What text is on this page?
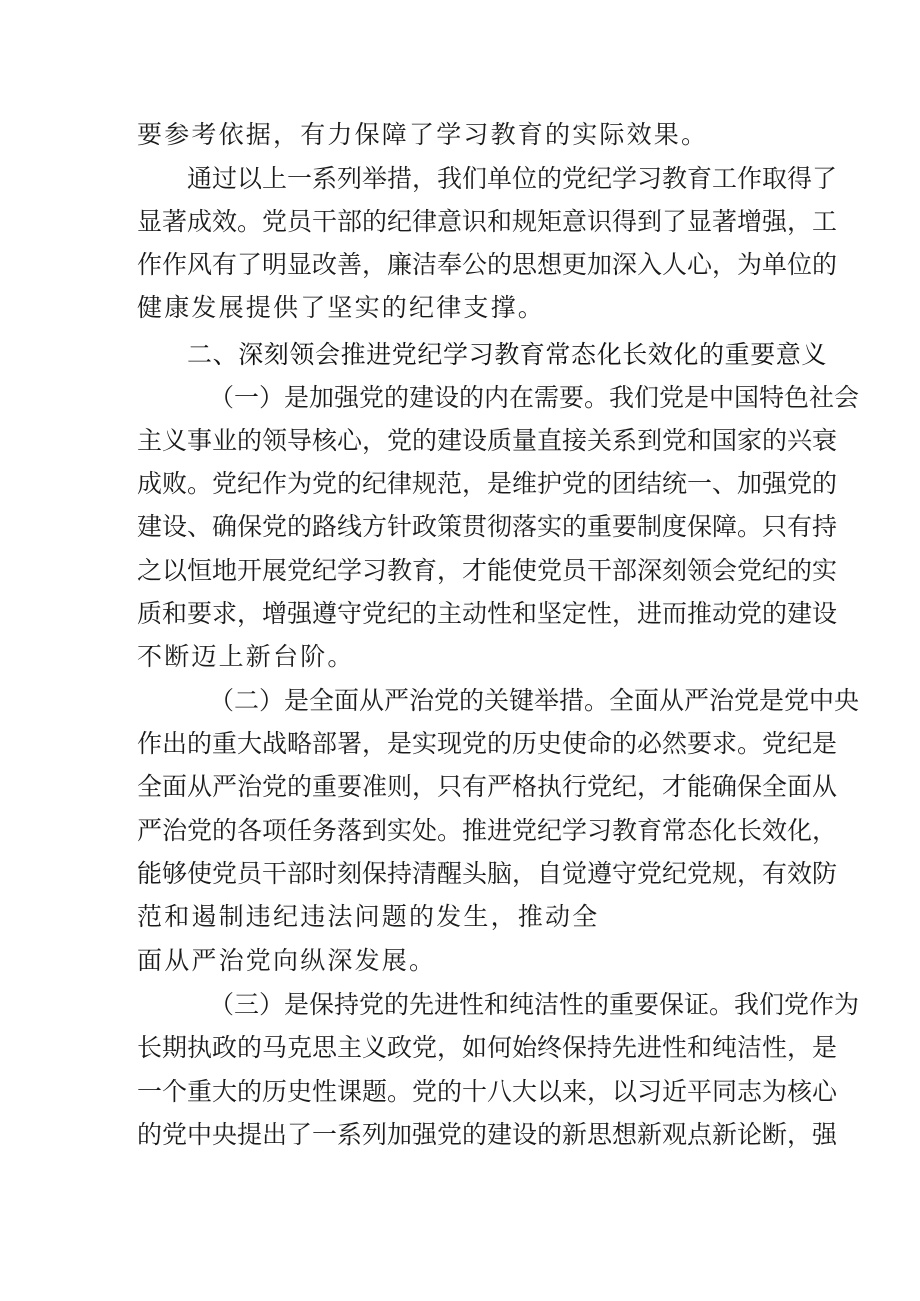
要参考依据，有力保障了学习教育的实际效果。
通过以上一系列举措，我们单位的党纪学习教育工作取得了
显著成效。党员干部的纪律意识和规矩意识得到了显著增强，工
作作风有了明显改善，廉洁奉公的思想更加深入人心，为单位的
健康发展提供了坚实的纪律支撑。
二、深刻领会推进党纪学习教育常态化长效化的重要意义
（一）是加强党的建设的内在需要。我们党是中国特色社会
主义事业的领导核心，党的建设质量直接关系到党和国家的兴衰
成败。党纪作为党的纪律规范，是维护党的团结统一、加强党的
建设、确保党的路线方针政策贯彻落实的重要制度保障。只有持
之以恒地开展党纪学习教育，才能使党员干部深刻领会党纪的实
质和要求，增强遵守党纪的主动性和坚定性，进而推动党的建设
不断迈上新台阶。
（二）是全面从严治党的关键举措。全面从严治党是党中央
作出的重大战略部署，是实现党的历史使命的必然要求。党纪是
全面从严治党的重要准则，只有严格执行党纪，才能确保全面从
严治党的各项任务落到实处。推进党纪学习教育常态化长效化，
能够使党员干部时刻保持清醒头脑，自觉遵守党纪党规，有效防
范和遏制违纪违法问题的发生，推动全
面从严治党向纵深发展。
（三）是保持党的先进性和纯洁性的重要保证。我们党作为
长期执政的马克思主义政党，如何始终保持先进性和纯洁性，是
一个重大的历史性课题。党的十八大以来，以习近平同志为核心
的党中央提出了一系列加强党的建设的新思想新观点新论断，强
